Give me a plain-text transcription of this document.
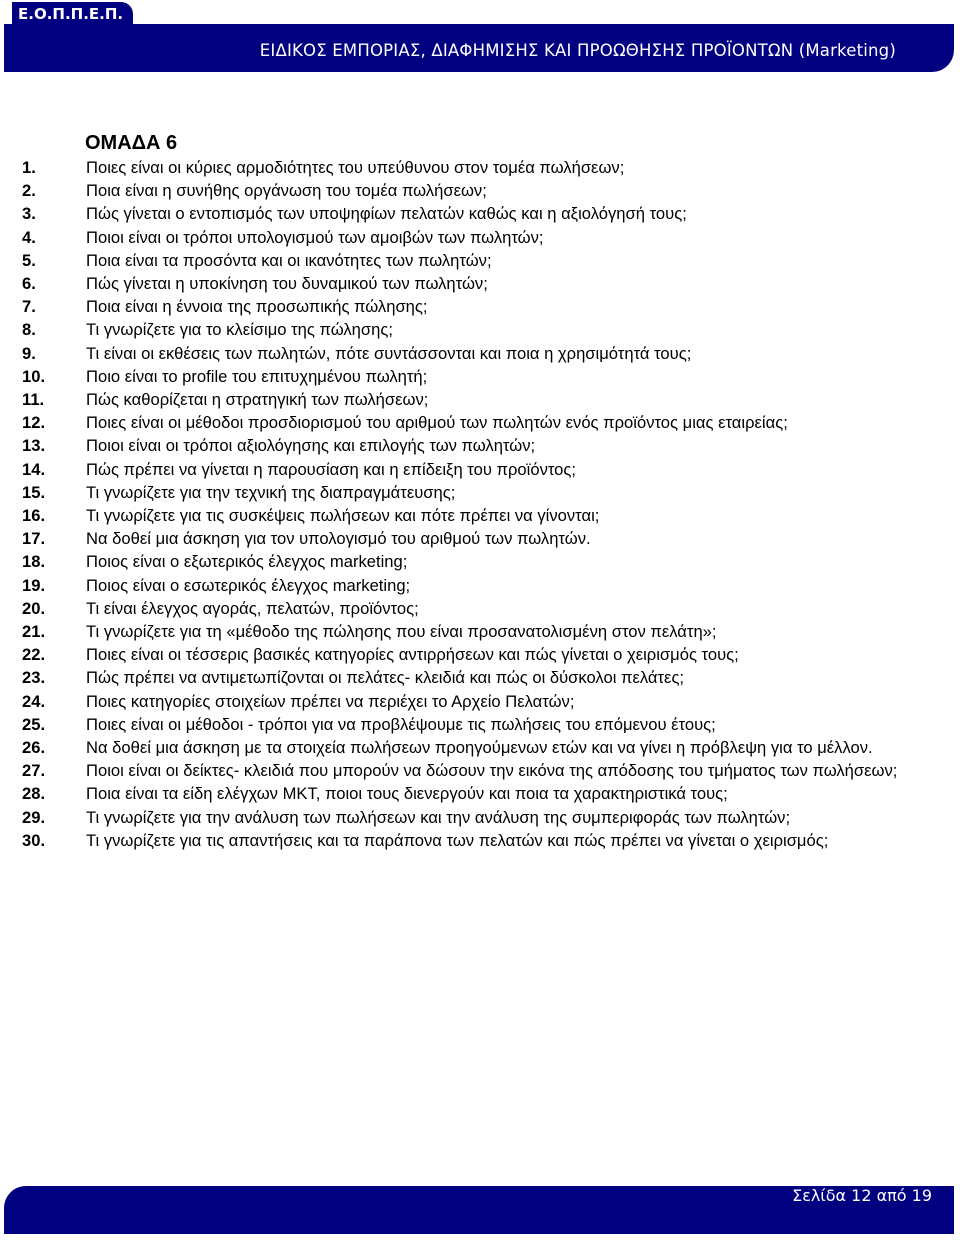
Ε.Ο.Π.Π.Ε.Π.
ΕΙΔΙΚΟΣ ΕΜΠΟΡΙΑΣ, ΔΙΑΦΗΜΙΣΗΣ ΚΑΙ ΠΡΟΩΘΗΣΗΣ ΠΡΟΪΟΝΤΩΝ (Marketing)
ΟΜΑΔΑ 6
1.	Ποιες είναι οι κύριες αρμοδιότητες του υπεύθυνου στον τομέα πωλήσεων;
2.	Ποια είναι η συνήθης οργάνωση του τομέα πωλήσεων;
3.	Πώς γίνεται ο εντοπισμός των υποψηφίων πελατών καθώς και η αξιολόγησή τους;
4.	Ποιοι είναι οι τρόποι υπολογισμού των αμοιβών των πωλητών;
5.	Ποια είναι τα προσόντα και οι ικανότητες των πωλητών;
6.	Πώς γίνεται η υποκίνηση του δυναμικού των πωλητών;
7.	Ποια είναι η έννοια της προσωπικής πώλησης;
8.	Τι γνωρίζετε για το κλείσιμο της πώλησης;
9.	Τι είναι οι εκθέσεις των πωλητών, πότε συντάσσονται και ποια η χρησιμότητά τους;
10.	Ποιο είναι το profile του επιτυχημένου πωλητή;
11.	Πώς καθορίζεται η στρατηγική των πωλήσεων;
12.	Ποιες είναι οι μέθοδοι προσδιορισμού του αριθμού των πωλητών ενός προϊόντος μιας εταιρείας;
13.	Ποιοι είναι οι τρόποι αξιολόγησης και επιλογής των πωλητών;
14.	Πώς πρέπει να γίνεται η παρουσίαση και η επίδειξη του προϊόντος;
15.	Τι γνωρίζετε για την τεχνική της διαπραγμάτευσης;
16.	Τι γνωρίζετε για τις συσκέψεις πωλήσεων και πότε πρέπει να γίνονται;
17.	Να δοθεί μια άσκηση για τον υπολογισμό του αριθμού των πωλητών.
18.	Ποιος είναι ο εξωτερικός έλεγχος marketing;
19.	Ποιος είναι ο εσωτερικός έλεγχος marketing;
20.	Τι είναι έλεγχος αγοράς, πελατών, προϊόντος;
21.	Τι γνωρίζετε για τη «μέθοδο της πώλησης που είναι προσανατολισμένη στον πελάτη»;
22.	Ποιες είναι οι τέσσερις βασικές κατηγορίες αντιρρήσεων και πώς γίνεται ο χειρισμός τους;
23.	Πώς πρέπει να αντιμετωπίζονται οι πελάτες- κλειδιά και πώς οι δύσκολοι πελάτες;
24.	Ποιες κατηγορίες στοιχείων πρέπει να περιέχει το Αρχείο Πελατών;
25.	Ποιες είναι οι μέθοδοι - τρόποι για να προβλέψουμε τις πωλήσεις του επόμενου έτους;
26.	Να δοθεί μια άσκηση με τα στοιχεία πωλήσεων προηγούμενων ετών και να γίνει η πρόβλεψη για το μέλλον.
27.	Ποιοι είναι οι δείκτες- κλειδιά που μπορούν να δώσουν την εικόνα της απόδοσης του τμήματος των πωλήσεων;
28.	Ποια είναι τα είδη ελέγχων ΜΚΤ, ποιοι τους διενεργούν και ποια τα χαρακτηριστικά τους;
29.	Τι γνωρίζετε για την ανάλυση των πωλήσεων και την ανάλυση της συμπεριφοράς των πωλητών;
30.	Τι γνωρίζετε για τις απαντήσεις και τα παράπονα των πελατών και πώς πρέπει να γίνεται ο χειρισμός;
Σελίδα 12 από 19
